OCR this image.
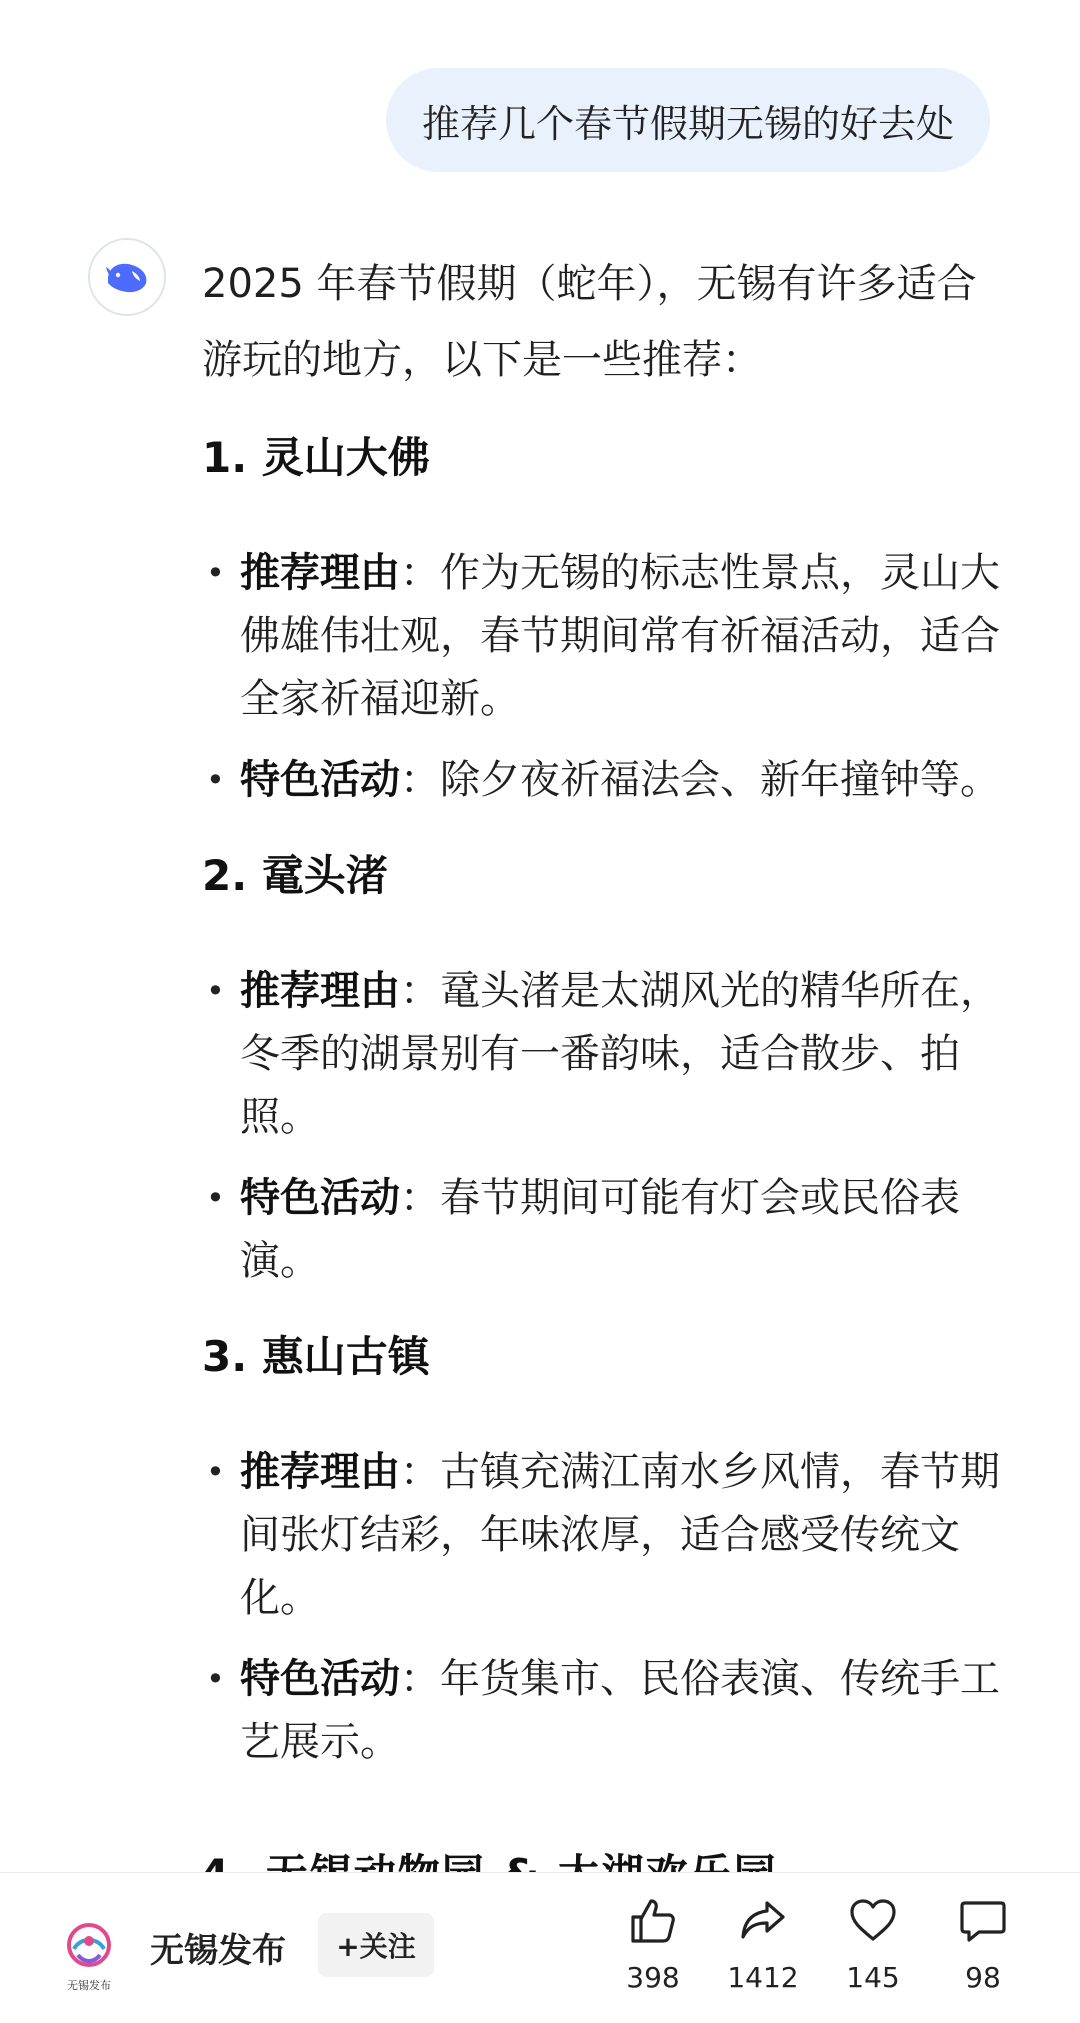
推荐几个春节假期无锡的好去处

2025 年春节假期（蛇年），无锡有许多适合游玩的地方，以下是一些推荐：

1. 灵山大佛
• 推荐理由：作为无锡的标志性景点，灵山大佛雄伟壮观，春节期间常有祈福活动，适合全家祈福迎新。
• 特色活动：除夕夜祈福法会、新年撞钟等。
2. 鼋头渚
• 推荐理由：鼋头渚是太湖风光的精华所在，冬季的湖景别有一番韵味，适合散步、拍照。
• 特色活动：春节期间可能有灯会或民俗表演。
3. 惠山古镇
• 推荐理由：古镇充满江南水乡风情，春节期间张灯结彩，年味浓厚，适合感受传统文化。
• 特色活动：年货集市、民俗表演、传统手工艺展示。
无锡发布
无锡发布	+关注
398	1412	145	98
